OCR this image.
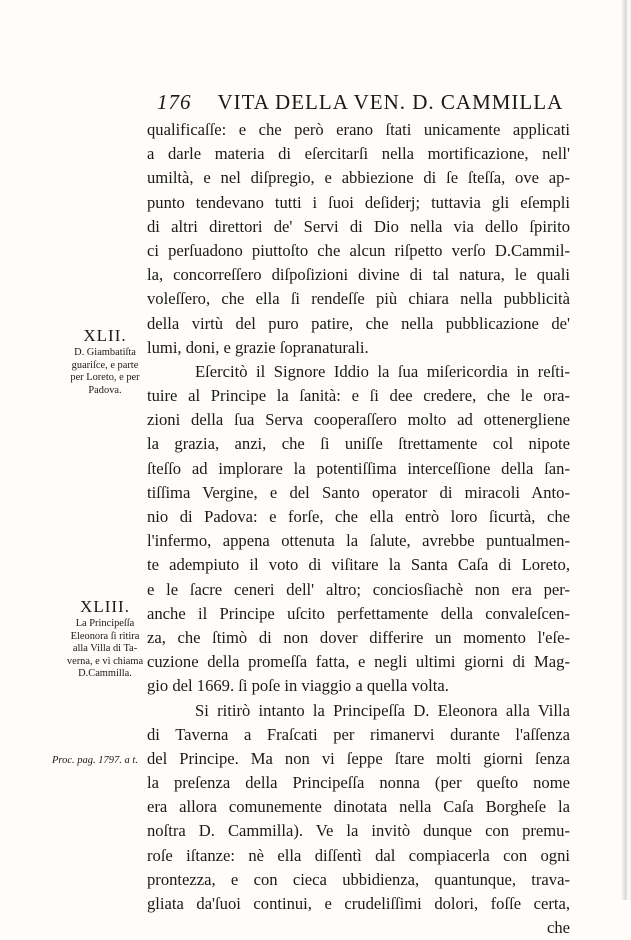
176 VITA DELLA VEN. D. CAMMILLA
qualificaſſe: e che però erano ſtati unicamente applicati
a darle materia di eſercitarſi nella mortificazione, nell'
umiltà, e nel diſpregio, e abbiezione di ſe ſteſſa, ove ap-
punto tendevano tutti i ſuoi deſiderj; tuttavia gli eſempli
di altri direttori de' Servi di Dio nella via dello ſpirito
ci perſuadono piuttoſto che alcun riſpetto verſo D.Cammil-
la, concorreſſero diſpoſizioni divine di tal natura, le quali
voleſſero, che ella ſi rendeſſe più chiara nella pubblicità
della virtù del puro patire, che nella pubblicazione de'
lumi, doni, e grazie ſopranaturali.
Eſercitò il Signore Iddio la ſua miſericordia in reſti-
tuire al Principe la ſanità: e ſi dee credere, che le ora-
zioni della ſua Serva cooperaſſero molto ad ottenergliene
la grazia, anzi, che ſi uniſſe ſtrettamente col nipote
ſteſſo ad implorare la potentiſſima interceſſione della ſan-
tiſſima Vergine, e del Santo operator di miracoli Anto-
nio di Padova: e forſe, che ella entrò loro ſicurtà, che
l'infermo, appena ottenuta la ſalute, avrebbe puntualmen-
te adempiuto il voto di viſitare la Santa Caſa di Loreto,
e le ſacre ceneri dell' altro; conciosſiachè non era per-
anche il Principe uſcito perfettamente della convaleſcen-
za, che ſtimò di non dover differire un momento l'eſe-
cuzione della promeſſa fatta, e negli ultimi giorni di Mag-
gio del 1669. ſi poſe in viaggio a quella volta.
Si ritirò intanto la Principeſſa D. Eleonora alla Villa
di Taverna a Fraſcati per rimanervi durante l'aſſenza
del Principe. Ma non vi ſeppe ſtare molti giorni ſenza
la preſenza della Principeſſa nonna (per queſto nome
era allora comunemente dinotata nella Caſa Borgheſe la
noſtra D. Cammilla). Ve la invitò dunque con premu-
roſe iſtanze: nè ella diſſentì dal compiacerla con ogni
prontezza, e con cieca ubbidienza, quantunque, trava-
gliata da'ſuoi continui, e crudeliſſimi dolori, foſſe certa,
che
XLII.
D. Giambatiſta
guariſce, e parte
per Loreto, e per
Padova.
XLIII.
La Principeſſa
Eleonora ſi ritira
alla Villa di Ta-
verna, e vi chiama
D.Cammilla.
Proc. pag. 1797. a t.
